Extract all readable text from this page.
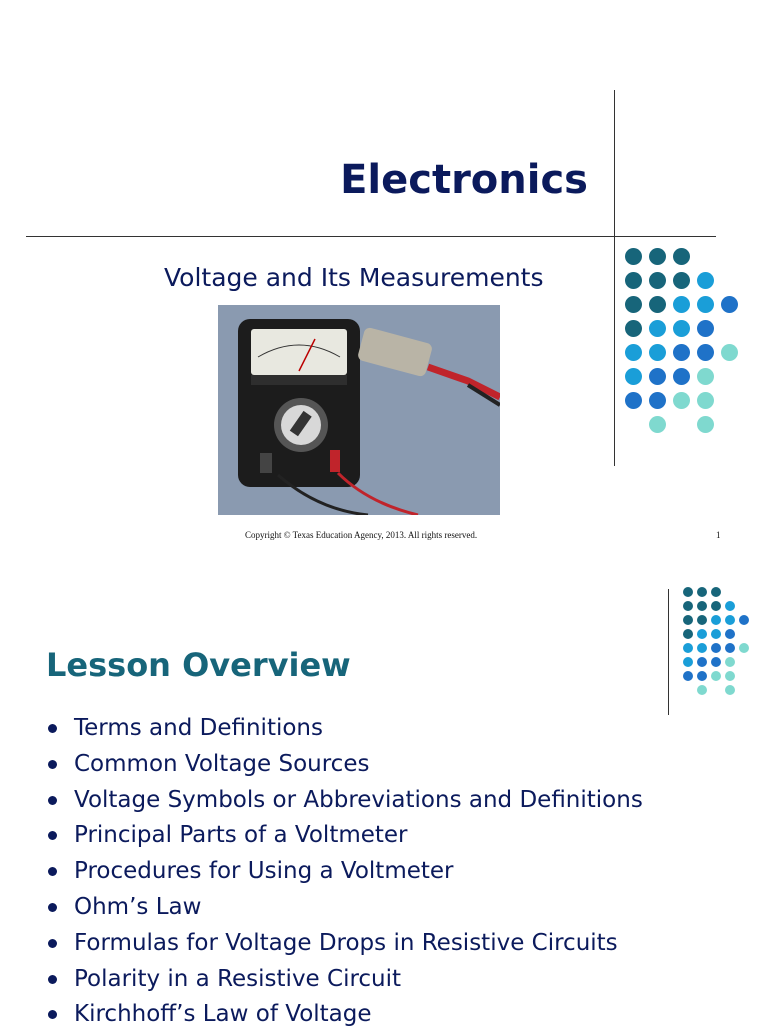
Electronics
Voltage and Its Measurements
Copyright © Texas Education Agency, 2013. All rights reserved.	1
Lesson Overview
Terms and Definitions
Common Voltage Sources
Voltage Symbols or Abbreviations and Definitions
Principal Parts of a Voltmeter
Procedures for Using a Voltmeter
Ohm’s Law
Formulas for Voltage Drops in Resistive Circuits
Polarity in a Resistive Circuit
Kirchhoff’s Law of Voltage
